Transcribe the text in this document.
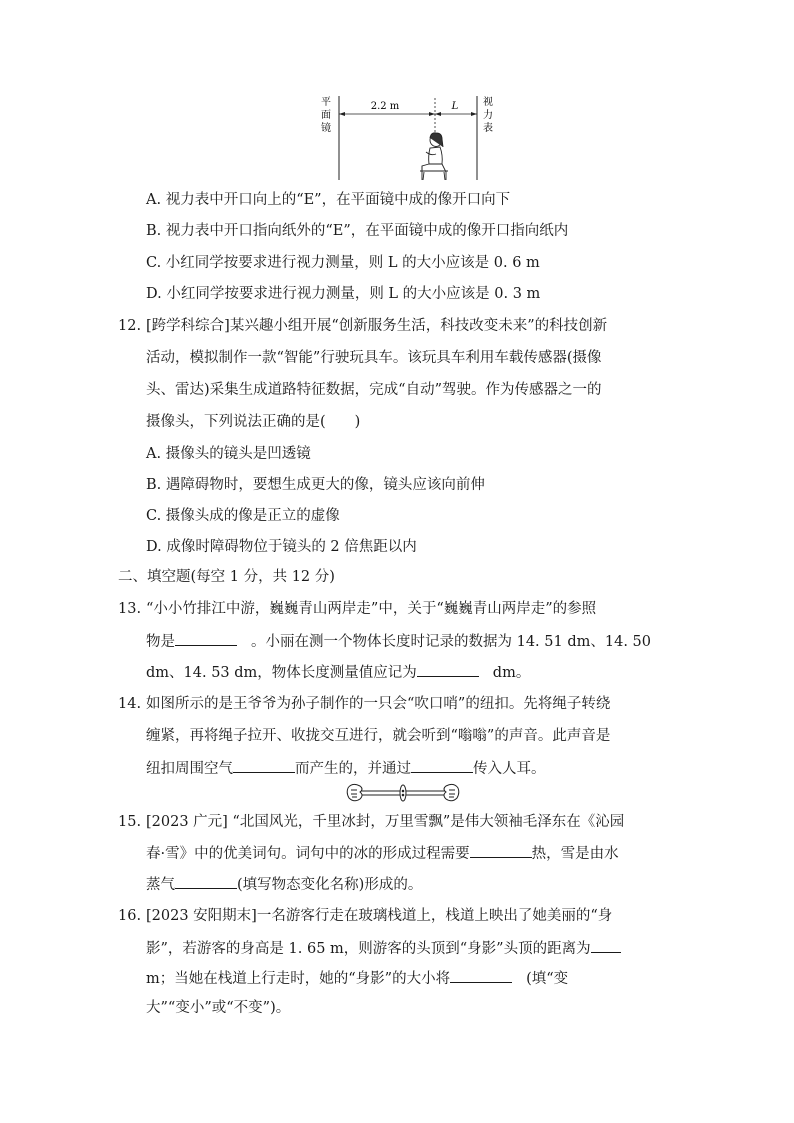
2.2 m	L
平
面
镜
视
力
表
A. 视力表中开口向上的“E”，在平面镜中成的像开口向下
B. 视力表中开口指向纸外的“E”，在平面镜中成的像开口指向纸内
C. 小红同学按要求进行视力测量，则 L 的大小应该是 0. 6 m
D. 小红同学按要求进行视力测量，则 L 的大小应该是 0. 3 m
12. [跨学科综合]某兴趣小组开展“创新服务生活，科技改变未来”的科技创新
活动，模拟制作一款“智能”行驶玩具车。该玩具车利用车载传感器(摄像
头、雷达)采集生成道路特征数据，完成“自动”驾驶。作为传感器之一的
摄像头，下列说法正确的是(　　)
A. 摄像头的镜头是凹透镜
B. 遇障碍物时，要想生成更大的像，镜头应该向前伸
C. 摄像头成的像是正立的虚像
D. 成像时障碍物位于镜头的 2 倍焦距以内
二、填空题(每空 1 分，共 12 分)
13. “小小竹排江中游，巍巍青山两岸走”中，关于“巍巍青山两岸走”的参照
物是	。小丽在测一个物体长度时记录的数据为 14. 51 dm、14. 50
dm、14. 53 dm，物体长度测量值应记为	dm。
14. 如图所示的是王爷爷为孙子制作的一只会“吹口哨”的纽扣。先将绳子转绕
缠紧，再将绳子拉开、收拢交互进行，就会听到“嗡嗡”的声音。此声音是
纽扣周围空气	而产生的，并通过	传入人耳。
15. [2023 广元] “北国风光，千里冰封，万里雪飘”是伟大领袖毛泽东在《沁园
春·雪》中的优美词句。词句中的冰的形成过程需要	热，雪是由水
蒸气	(填写物态变化名称)形成的。
16. [2023 安阳期末]一名游客行走在玻璃栈道上，栈道上映出了她美丽的“身
影”，若游客的身高是 1. 65 m，则游客的头顶到“身影”头顶的距离为
m；当她在栈道上行走时，她的“身影”的大小将	(填“变
大”“变小”或“不变”)。
